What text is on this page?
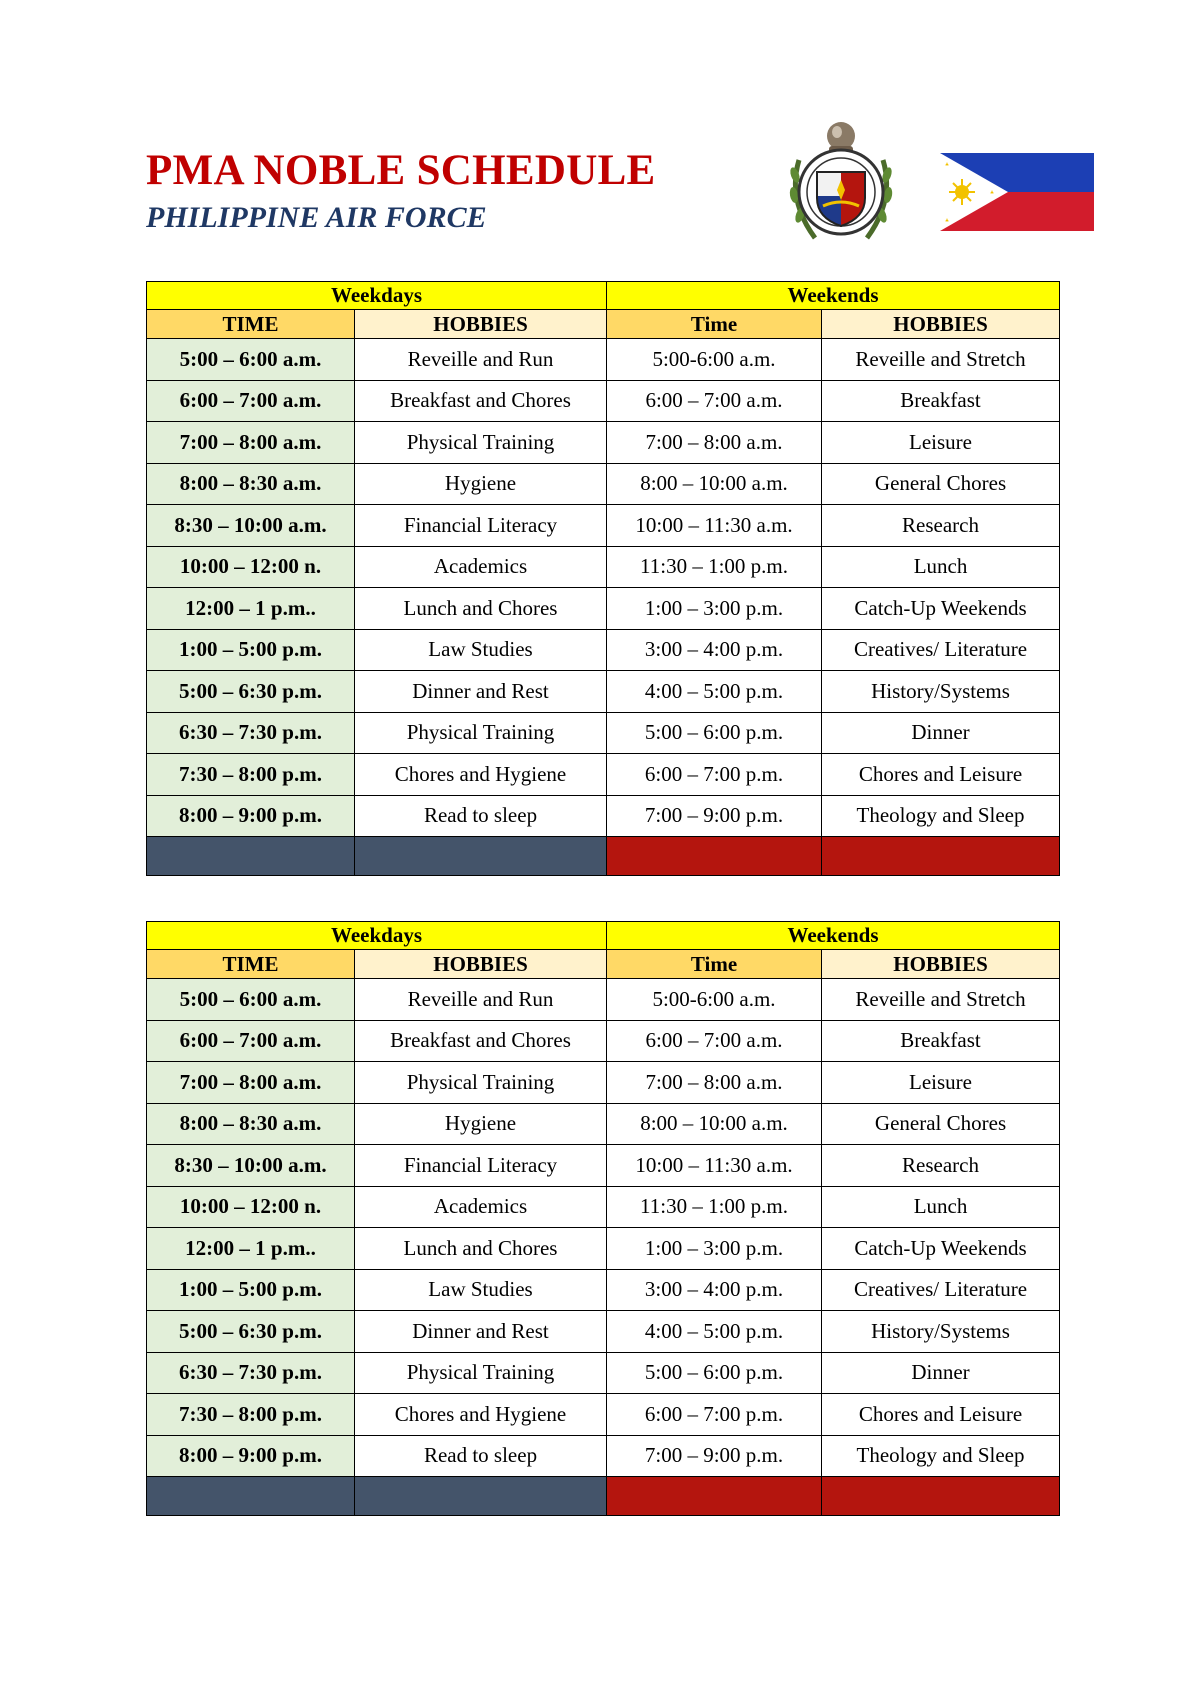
PMA NOBLE SCHEDULE
PHILIPPINE AIR FORCE
Weekdays		Weekends	
TIME	HOBBIES	Time	HOBBIES
5:00 – 6:00 a.m.	Reveille and Run	5:00-6:00 a.m.	Reveille and Stretch
6:00 – 7:00 a.m.	Breakfast and Chores	6:00 – 7:00 a.m.	Breakfast
7:00 – 8:00 a.m.	Physical Training	7:00 – 8:00 a.m.	Leisure
8:00 – 8:30 a.m.	Hygiene	8:00 – 10:00 a.m.	General Chores
8:30 – 10:00 a.m.	Financial Literacy	10:00 – 11:30 a.m.	Research
10:00 – 12:00 n.	Academics	11:30 – 1:00 p.m.	Lunch
12:00 – 1 p.m..	Lunch and Chores	1:00 – 3:00 p.m.	Catch-Up Weekends
1:00 – 5:00 p.m.	Law Studies	3:00 – 4:00 p.m.	Creatives/ Literature
5:00 – 6:30 p.m.	Dinner and Rest	4:00 – 5:00 p.m.	History/Systems
6:30 – 7:30 p.m.	Physical Training	5:00 – 6:00 p.m.	Dinner
7:30 – 8:00 p.m.	Chores and Hygiene	6:00 – 7:00 p.m.	Chores and Leisure
8:00 – 9:00 p.m.	Read to sleep	7:00 – 9:00 p.m.	Theology and Sleep

Weekdays		Weekends	
TIME	HOBBIES	Time	HOBBIES
5:00 – 6:00 a.m.	Reveille and Run	5:00-6:00 a.m.	Reveille and Stretch
6:00 – 7:00 a.m.	Breakfast and Chores	6:00 – 7:00 a.m.	Breakfast
7:00 – 8:00 a.m.	Physical Training	7:00 – 8:00 a.m.	Leisure
8:00 – 8:30 a.m.	Hygiene	8:00 – 10:00 a.m.	General Chores
8:30 – 10:00 a.m.	Financial Literacy	10:00 – 11:30 a.m.	Research
10:00 – 12:00 n.	Academics	11:30 – 1:00 p.m.	Lunch
12:00 – 1 p.m..	Lunch and Chores	1:00 – 3:00 p.m.	Catch-Up Weekends
1:00 – 5:00 p.m.	Law Studies	3:00 – 4:00 p.m.	Creatives/ Literature
5:00 – 6:30 p.m.	Dinner and Rest	4:00 – 5:00 p.m.	History/Systems
6:30 – 7:30 p.m.	Physical Training	5:00 – 6:00 p.m.	Dinner
7:30 – 8:00 p.m.	Chores and Hygiene	6:00 – 7:00 p.m.	Chores and Leisure
8:00 – 9:00 p.m.	Read to sleep	7:00 – 9:00 p.m.	Theology and Sleep
